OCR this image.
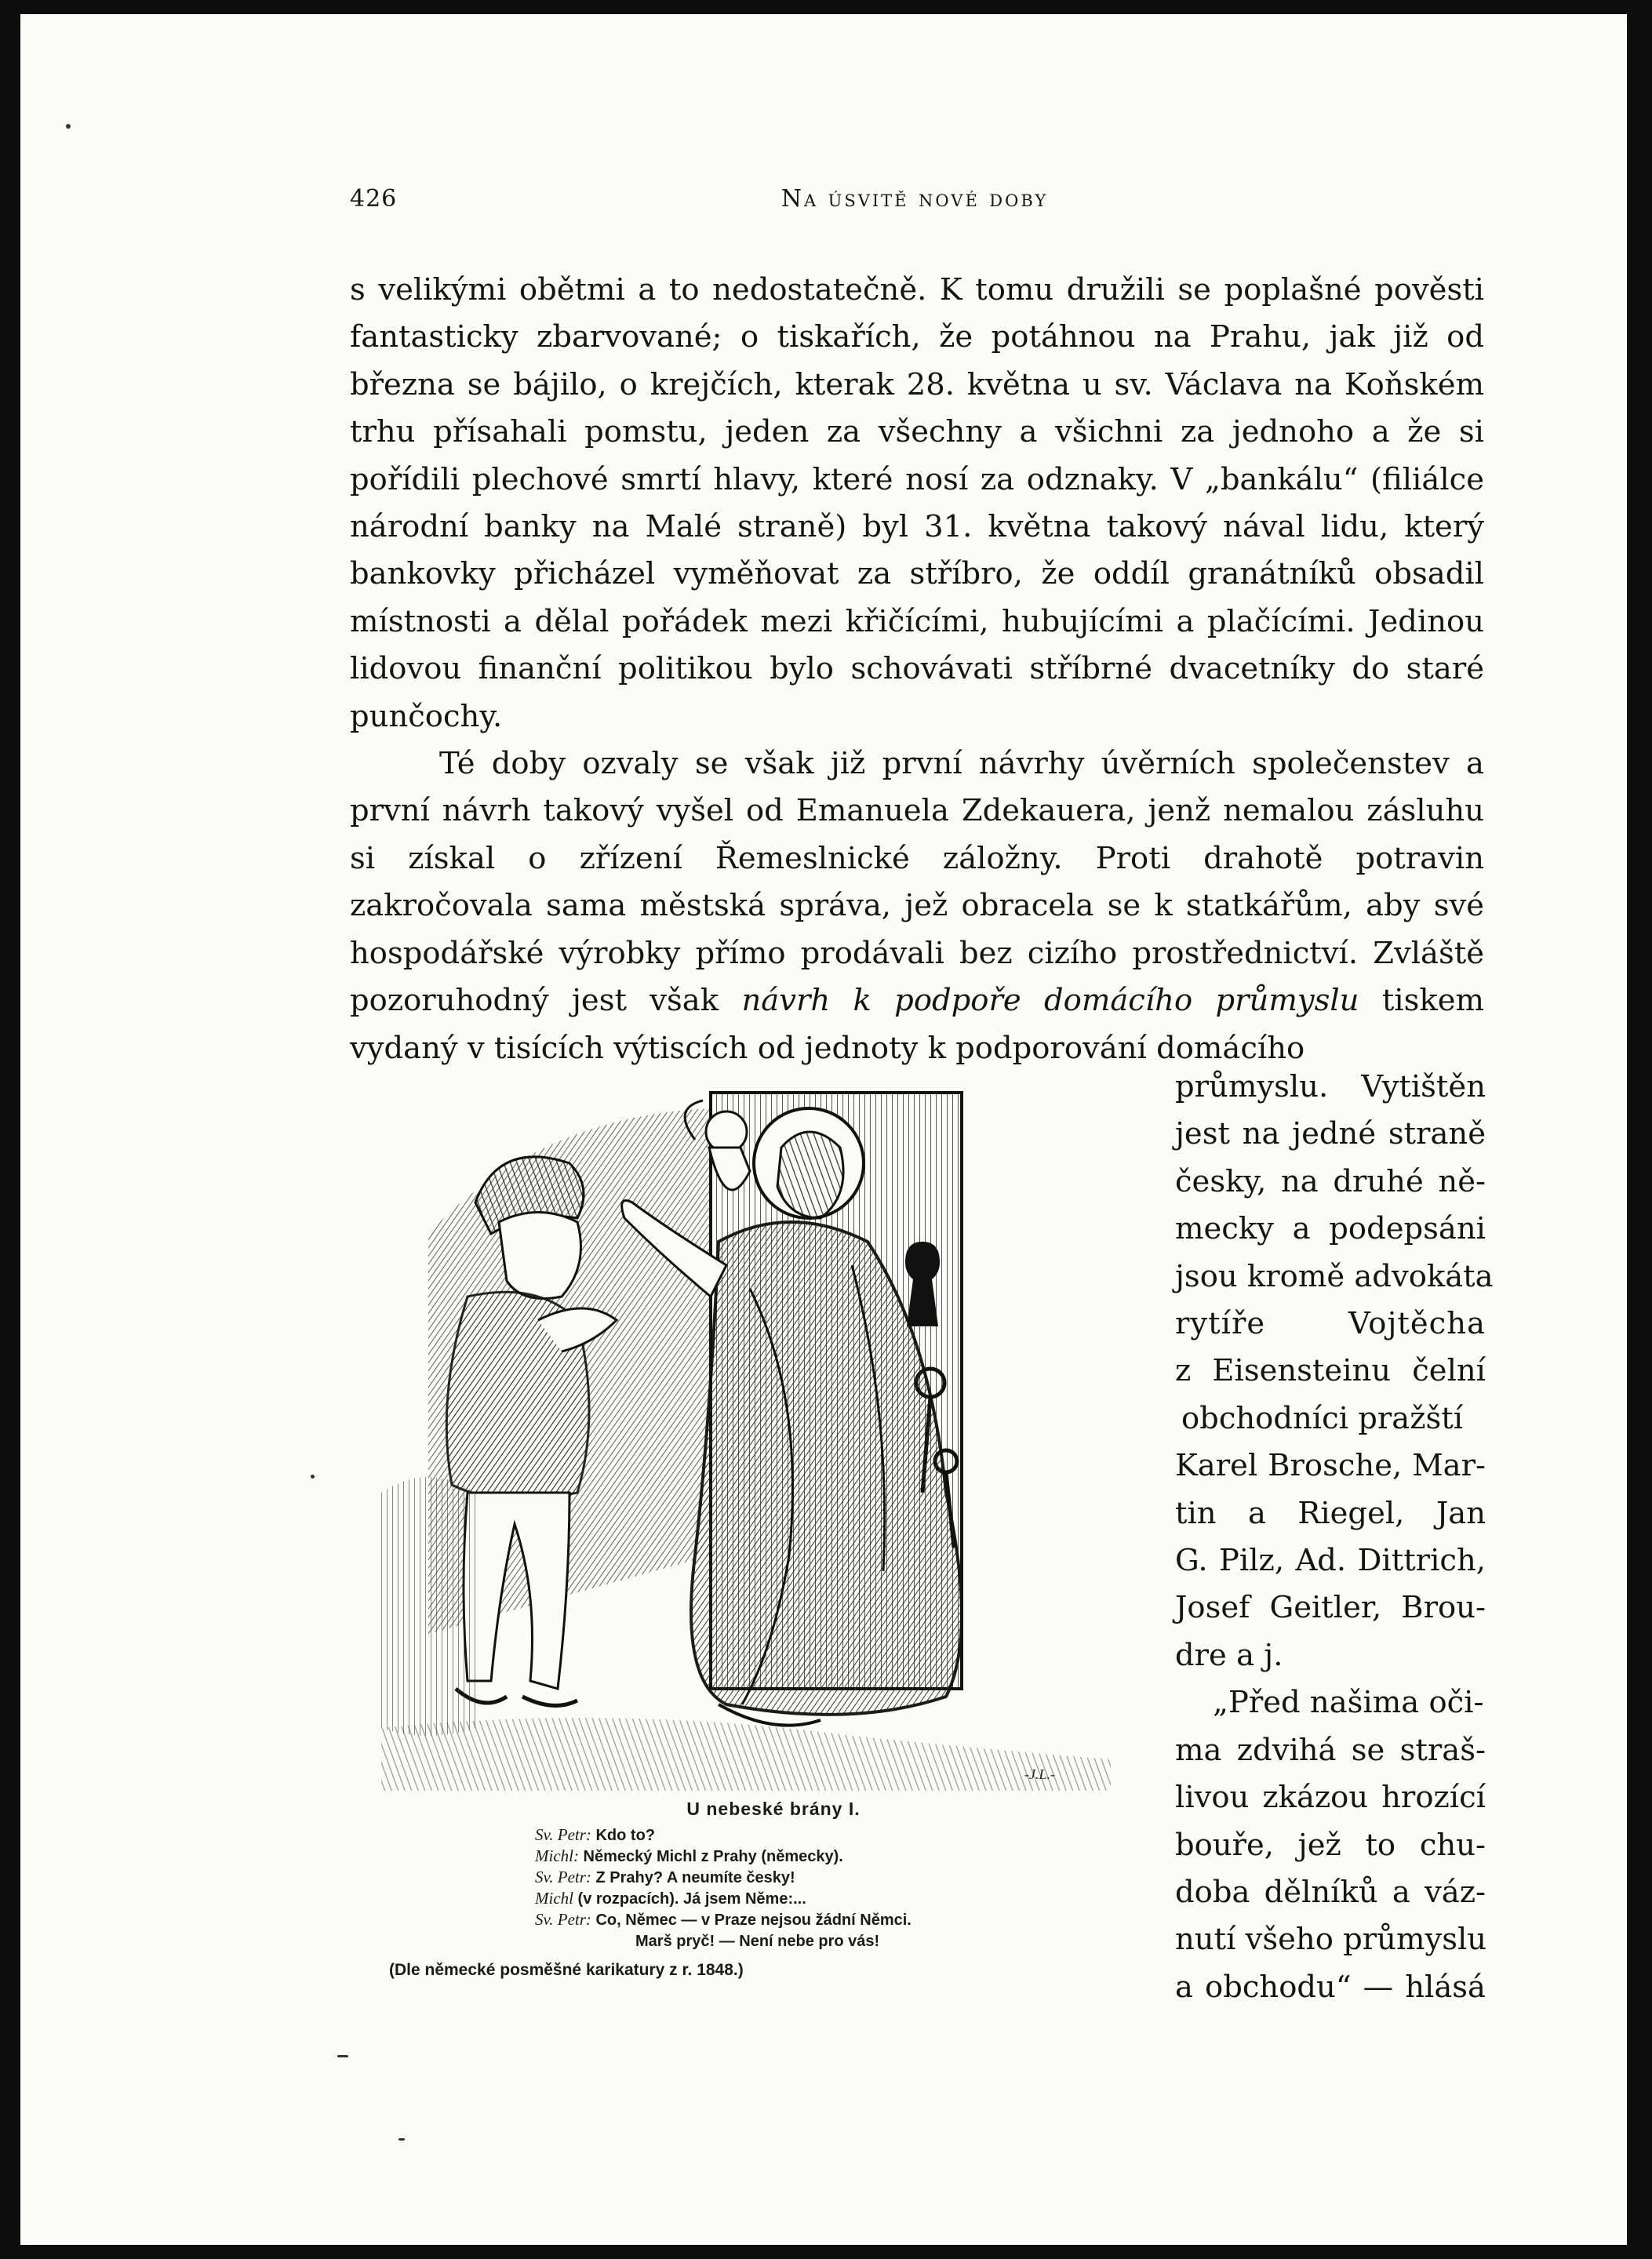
426	Na úsvitě nové doby

s velikými obětmi a to nedostatečně. K tomu družili se poplašné pověsti fantasticky zbarvované; o tiskařích, že potáhnou na Prahu, jak již od března se bájilo, o krejčích, kterak 28. května u sv. Václava na Koňském trhu přísahali pomstu, jeden za všechny a všichni za jednoho a že si pořídili plechové smrtí hlavy, které nosí za odznaky. V „bankálu“ (filiálce národní banky na Malé straně) byl 31. května takový nával lidu, který bankovky přicházel vyměňovat za stříbro, že oddíl granátníků obsadil místnosti a dělal pořádek mezi křičícími, hubujícími a plačícími. Jedinou lidovou finanční politikou bylo schovávati stříbrné dvacetníky do staré punčochy.

Té doby ozvaly se však již první návrhy úvěrních společenstev a první návrh takový vyšel od Emanuela Zdekauera, jenž nemalou zásluhu si získal o zřízení Řemeslnické záložny. Proti drahotě potravin zakročovala sama městská správa, jež obracela se k statkářům, aby své hospodářské výrobky přímo prodávali bez cizího prostřednictví. Zvláště pozoruhodný jest však návrh k podpoře domácího průmyslu tiskem vydaný v tisících výtiscích od jednoty k podporování domácího

-J.L.-
U nebeské brány I.
Sv. Petr: Kdo to?
Michl: Německý Michl z Prahy (německy).
Sv. Petr: Z Prahy? A neumíte česky!
Michl (v rozpacích). Já jsem Něme:...
Sv. Petr: Co, Němec — v Praze nejsou žádní Němci.
Marš pryč! — Není nebe pro vás!
(Dle německé posměšné karikatury z r. 1848.)

průmyslu. Vytištěn
jest na jedné straně
česky, na druhé ně-
mecky a podepsáni
jsou kromě advokáta
rytíře Vojtěcha
z Eisensteinu čelní
obchodníci pražští
Karel Brosche, Mar-
tin a Riegel, Jan
G. Pilz, Ad. Dittrich,
Josef Geitler, Brou-
dre a j.

„Před našima oči-
ma zdvihá se straš-
livou zkázou hrozící
bouře, jež to chu-
doba dělníků a váz-
nutí všeho průmyslu
a obchodu“ — hlásá
